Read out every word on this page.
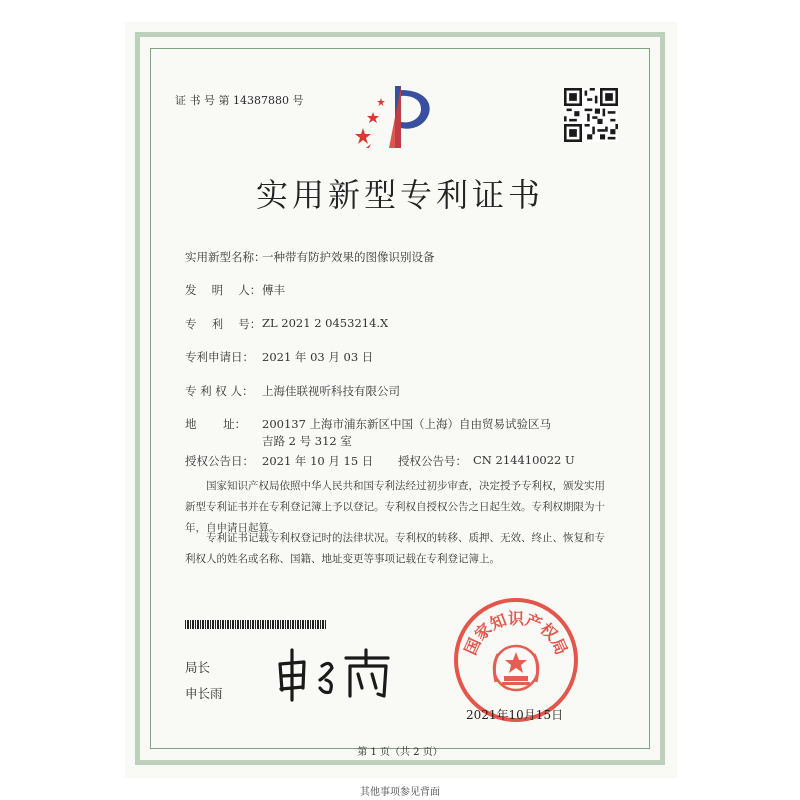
证 书 号 第 14387880 号
实用新型专利证书
实用新型名称：
一种带有防护效果的图像识别设备
发　 明　 人： 傅丰
专　 利　 号： ZL 2021 2 0453214.X
专利申请日： 2021 年 03 月 03 日
专 利 权 人： 上海佳联视听科技有限公司
地　　 址： 200137 上海市浦东新区中国（上海）自由贸易试验区马
吉路 2 号 312 室
授权公告日： 2021 年 10 月 15 日 授权公告号： CN 214410022 U
国家知识产权局依照中华人民共和国专利法经过初步审查，决定授予专利权，颁发实用新型专利证书并在专利登记簿上予以登记。专利权自授权公告之日起生效。专利权期限为十年，自申请日起算。
专利证书记载专利权登记时的法律状况。专利权的转移、质押、无效、终止、恢复和专利权人的姓名或名称、国籍、地址变更等事项记载在专利登记簿上。
局长
申长雨
国家知识产权局
2021年10月15日
第 1 页（共 2 页）
其他事项参见背面
